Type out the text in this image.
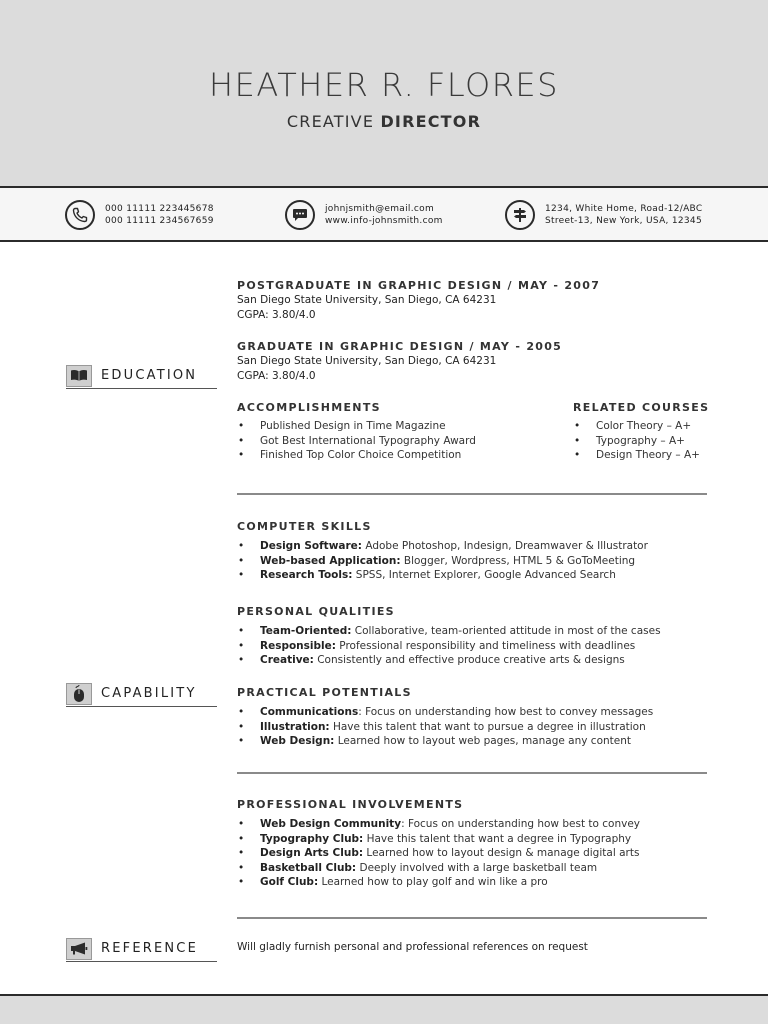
HEATHER R. FLORES
CREATIVE DIRECTOR
000 11111 223445678
000 11111 234567659
johnjsmith@email.com
www.info-johnsmith.com
1234, White Home, Road-12/ABC
Street-13, New York, USA, 12345
EDUCATION
CAPABILITY
REFERENCE
POSTGRADUATE IN GRAPHIC DESIGN / MAY - 2007
San Diego State University, San Diego, CA 64231
CGPA: 3.80/4.0
GRADUATE IN GRAPHIC DESIGN / MAY - 2005
San Diego State University, San Diego, CA 64231
CGPA: 3.80/4.0
ACCOMPLISHMENTS
• Published Design in Time Magazine
• Got Best International Typography Award
• Finished Top Color Choice Competition
RELATED COURSES
• Color Theory – A+
• Typography – A+
• Design Theory – A+
COMPUTER SKILLS
• Design Software: Adobe Photoshop, Indesign, Dreamwaver & Illustrator
• Web-based Application: Blogger, Wordpress, HTML 5 & GoToMeeting
• Research Tools: SPSS, Internet Explorer, Google Advanced Search
PERSONAL QUALITIES
• Team-Oriented: Collaborative, team-oriented attitude in most of the cases
• Responsible: Professional responsibility and timeliness with deadlines
• Creative: Consistently and effective produce creative arts & designs
PRACTICAL POTENTIALS
• Communications: Focus on understanding how best to convey messages
• Illustration: Have this talent that want to pursue a degree in illustration
• Web Design: Learned how to layout web pages, manage any content
PROFESSIONAL INVOLVEMENTS
• Web Design Community: Focus on understanding how best to convey
• Typography Club: Have this talent that want a degree in Typography
• Design Arts Club: Learned how to layout design & manage digital arts
• Basketball Club: Deeply involved with a large basketball team
• Golf Club: Learned how to play golf and win like a pro
Will gladly furnish personal and professional references on request
